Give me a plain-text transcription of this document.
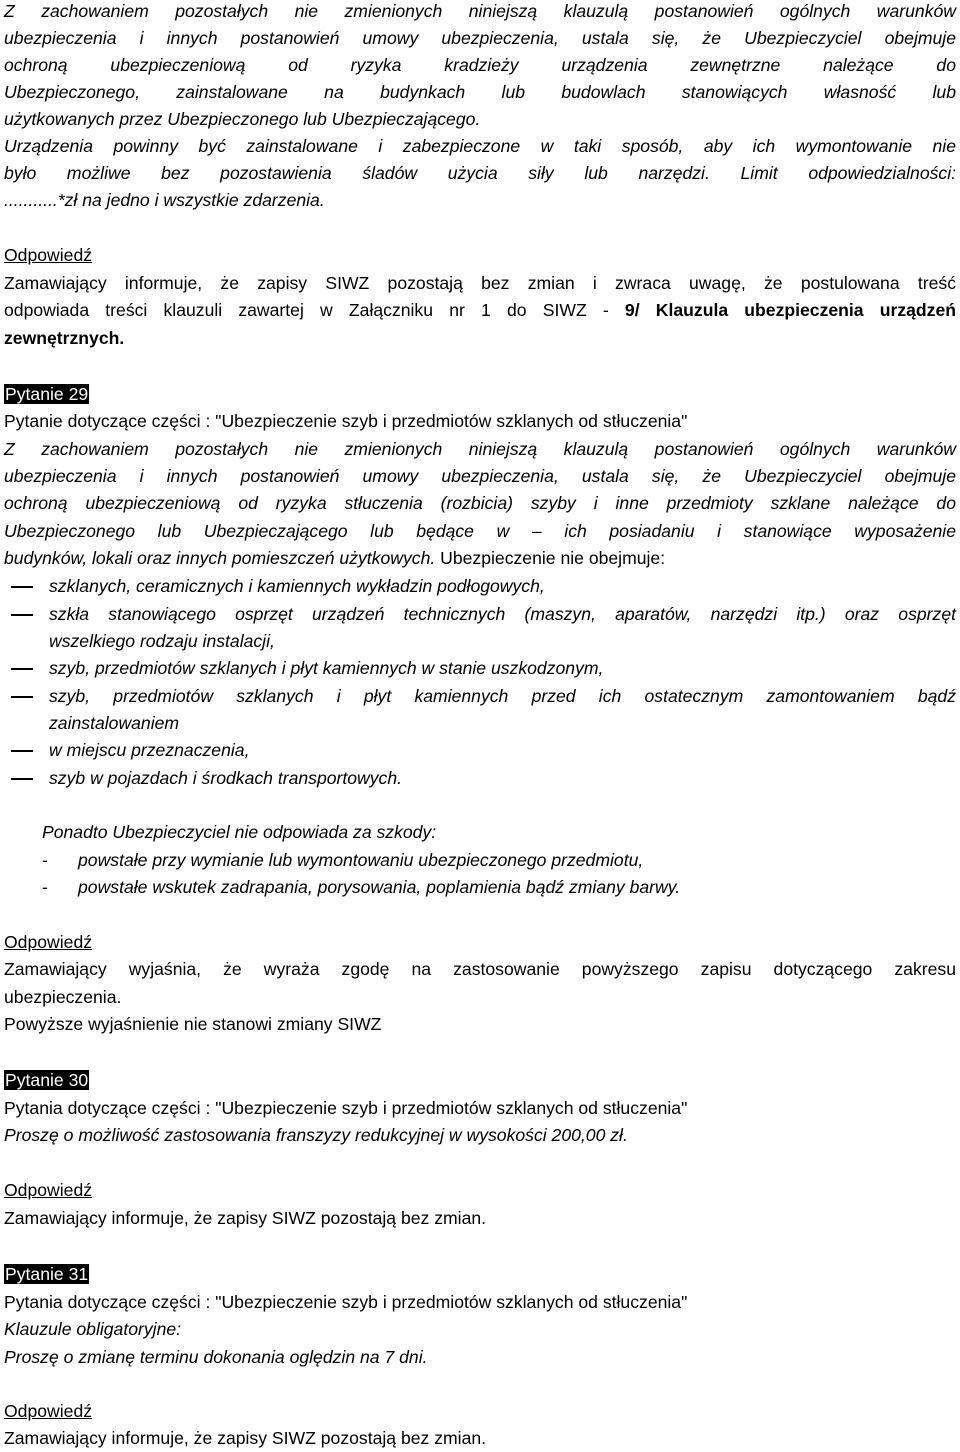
Z zachowaniem pozostałych nie zmienionych niniejszą klauzulą postanowień ogólnych warunków
ubezpieczenia i innych postanowień umowy ubezpieczenia, ustala się, że Ubezpieczyciel obejmuje
ochroną ubezpieczeniową od ryzyka kradzieży urządzenia zewnętrzne należące do
Ubezpieczonego, zainstalowane na budynkach lub budowlach stanowiących własność lub
użytkowanych przez Ubezpieczonego lub Ubezpieczającego.
Urządzenia powinny być zainstalowane i zabezpieczone w taki sposób, aby ich wymontowanie nie
było możliwe bez pozostawienia śladów użycia siły lub narzędzi. Limit odpowiedzialności:
...........*zł na jedno i wszystkie zdarzenia.
Odpowiedź
Zamawiający informuje, że zapisy SIWZ pozostają bez zmian i zwraca uwagę, że postulowana treść
odpowiada treści klauzuli zawartej w Załączniku nr 1 do SIWZ - 9/ Klauzula ubezpieczenia urządzeń
zewnętrznych.
Pytanie 29
Pytanie dotyczące części : "Ubezpieczenie szyb i przedmiotów szklanych od stłuczenia"
Z zachowaniem pozostałych nie zmienionych niniejszą klauzulą postanowień ogólnych warunków
ubezpieczenia i innych postanowień umowy ubezpieczenia, ustala się, że Ubezpieczyciel obejmuje
ochroną ubezpieczeniową od ryzyka stłuczenia (rozbicia) szyby i inne przedmioty szklane należące do
Ubezpieczonego lub Ubezpieczającego lub będące w – ich posiadaniu i stanowiące wyposażenie
budynków, lokali oraz innych pomieszczeń użytkowych. Ubezpieczenie nie obejmuje:
szklanych, ceramicznych i kamiennych wykładzin podłogowych,
szkła stanowiącego osprzęt urządzeń technicznych (maszyn, aparatów, narzędzi itp.) oraz osprzęt
wszelkiego rodzaju instalacji,
szyb, przedmiotów szklanych i płyt kamiennych w stanie uszkodzonym,
szyb, przedmiotów szklanych i płyt kamiennych przed ich ostatecznym zamontowaniem bądź
zainstalowaniem
w miejscu przeznaczenia,
szyb w pojazdach i środkach transportowych.
Ponadto Ubezpieczyciel nie odpowiada za szkody:
- powstałe przy wymianie lub wymontowaniu ubezpieczonego przedmiotu,
- powstałe wskutek zadrapania, porysowania, poplamienia bądź zmiany barwy.
Odpowiedź
Zamawiający wyjaśnia, że wyraża zgodę na zastosowanie powyższego zapisu dotyczącego zakresu
ubezpieczenia.
Powyższe wyjaśnienie nie stanowi zmiany SIWZ
Pytanie 30
Pytania dotyczące części : "Ubezpieczenie szyb i przedmiotów szklanych od stłuczenia"
Proszę o możliwość zastosowania franszyzy redukcyjnej w wysokości 200,00 zł.
Odpowiedź
Zamawiający informuje, że zapisy SIWZ pozostają bez zmian.
Pytanie 31
Pytania dotyczące części : "Ubezpieczenie szyb i przedmiotów szklanych od stłuczenia"
Klauzule obligatoryjne:
Proszę o zmianę terminu dokonania oględzin na 7 dni.
Odpowiedź
Zamawiający informuje, że zapisy SIWZ pozostają bez zmian.
